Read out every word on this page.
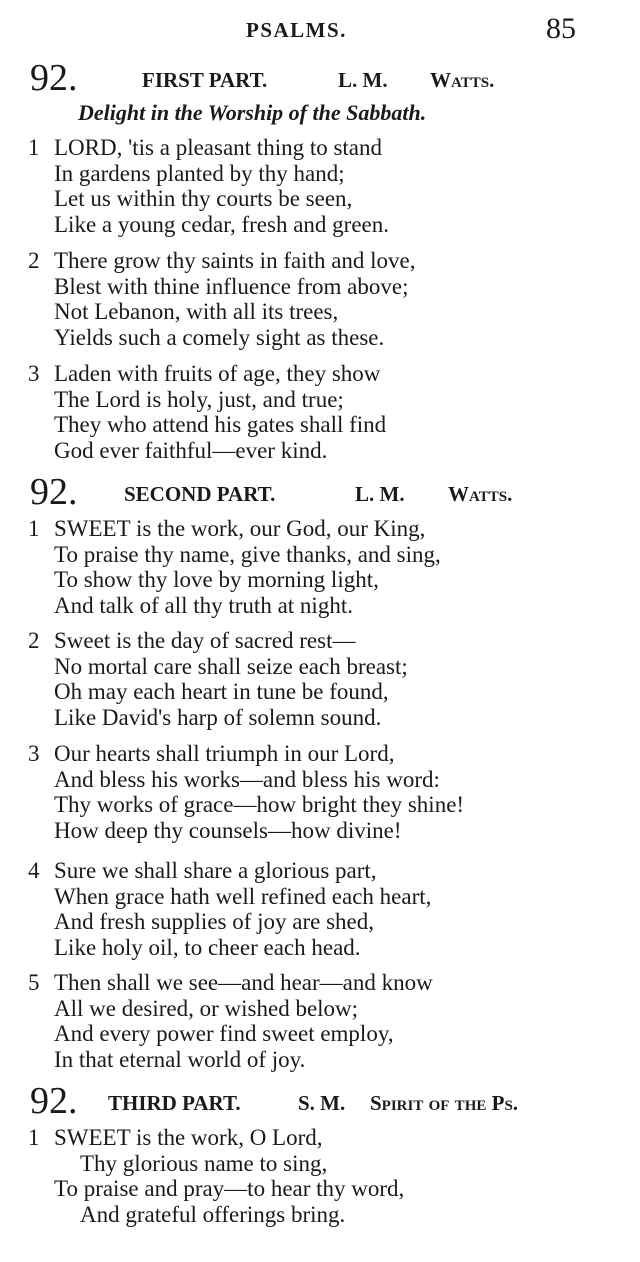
PSALMS.	85
92.	FIRST PART.	L. M. Watts.
Delight in the Worship of the Sabbath.
1 LORD, 'tis a pleasant thing to stand
In gardens planted by thy hand;
Let us within thy courts be seen,
Like a young cedar, fresh and green.
2 There grow thy saints in faith and love,
Blest with thine influence from above;
Not Lebanon, with all its trees,
Yields such a comely sight as these.
3 Laden with fruits of age, they show
The Lord is holy, just, and true;
They who attend his gates shall find
God ever faithful—ever kind.
92. SECOND PART.	L. M. Watts.
1 SWEET is the work, our God, our King,
To praise thy name, give thanks, and sing,
To show thy love by morning light,
And talk of all thy truth at night.
2 Sweet is the day of sacred rest—
No mortal care shall seize each breast;
Oh may each heart in tune be found,
Like David's harp of solemn sound.
3 Our hearts shall triumph in our Lord,
And bless his works—and bless his word:
Thy works of grace—how bright they shine!
How deep thy counsels—how divine!
4 Sure we shall share a glorious part,
When grace hath well refined each heart,
And fresh supplies of joy are shed,
Like holy oil, to cheer each head.
5 Then shall we see—and hear—and know
All we desired, or wished below;
And every power find sweet employ,
In that eternal world of joy.
92. THIRD PART.	S. M. Spirit of the Ps.
1 SWEET is the work, O Lord,
Thy glorious name to sing,
To praise and pray—to hear thy word,
And grateful offerings bring.
